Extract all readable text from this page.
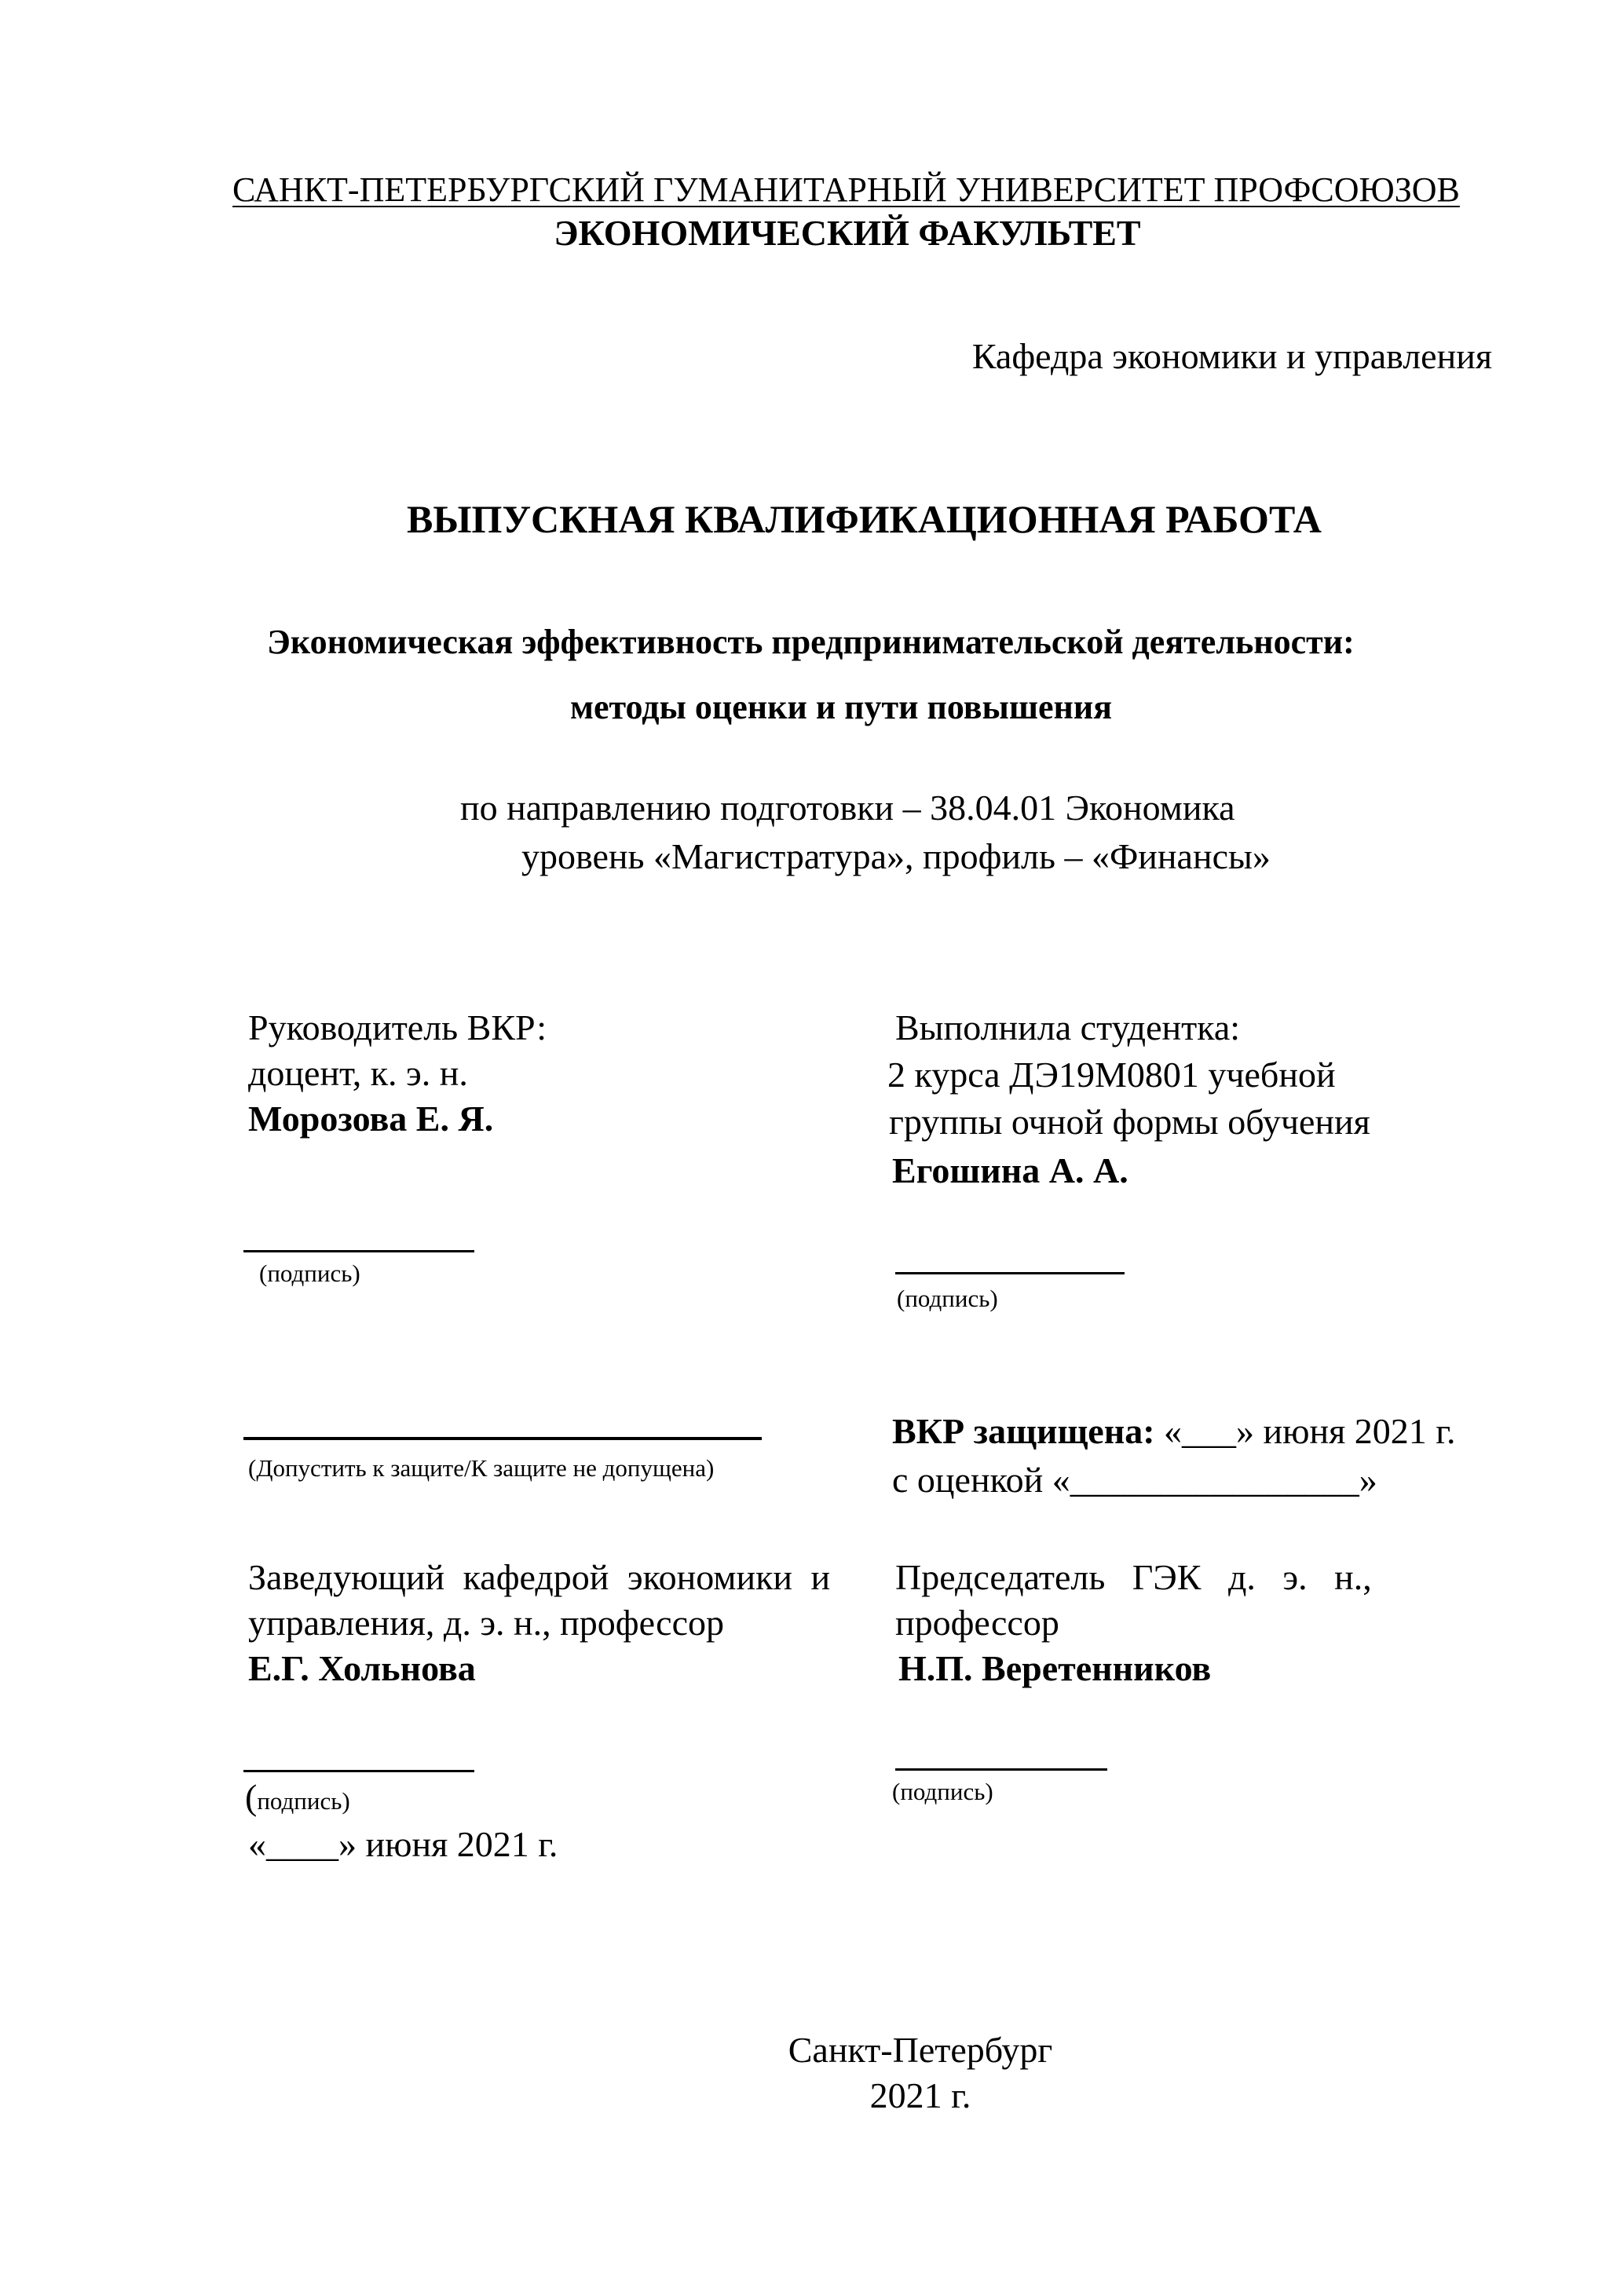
САНКТ-ПЕТЕРБУРГСКИЙ ГУМАНИТАРНЫЙ УНИВЕРСИТЕТ ПРОФСОЮЗОВ
ЭКОНОМИЧЕСКИЙ ФАКУЛЬТЕТ
Кафедра экономики и управления
ВЫПУСКНАЯ КВАЛИФИКАЦИОННАЯ РАБОТА
Экономическая эффективность предпринимательской деятельности:
методы оценки и пути повышения
по направлению подготовки – 38.04.01 Экономика
уровень «Магистратура», профиль – «Финансы»
Руководитель ВКР:
доцент, к. э. н.
Морозова Е. Я.
(подпись)
Выполнила студентка:
2 курса ДЭ19М0801 учебной
группы очной формы обучения
Егошина А. А.
(подпись)
(Допустить к защите/К защите не допущена)
ВКР защищена: «___» июня 2021 г.
с оценкой «________________»
Заведующий кафедрой экономики и
управления, д. э. н., профессор
Е.Г. Хольнова
(подпись)
«____» июня 2021 г.
Председатель   ГЭК   д.   э.   н.,
профессор
Н.П. Веретенников
(подпись)
Санкт-Петербург
2021 г.
